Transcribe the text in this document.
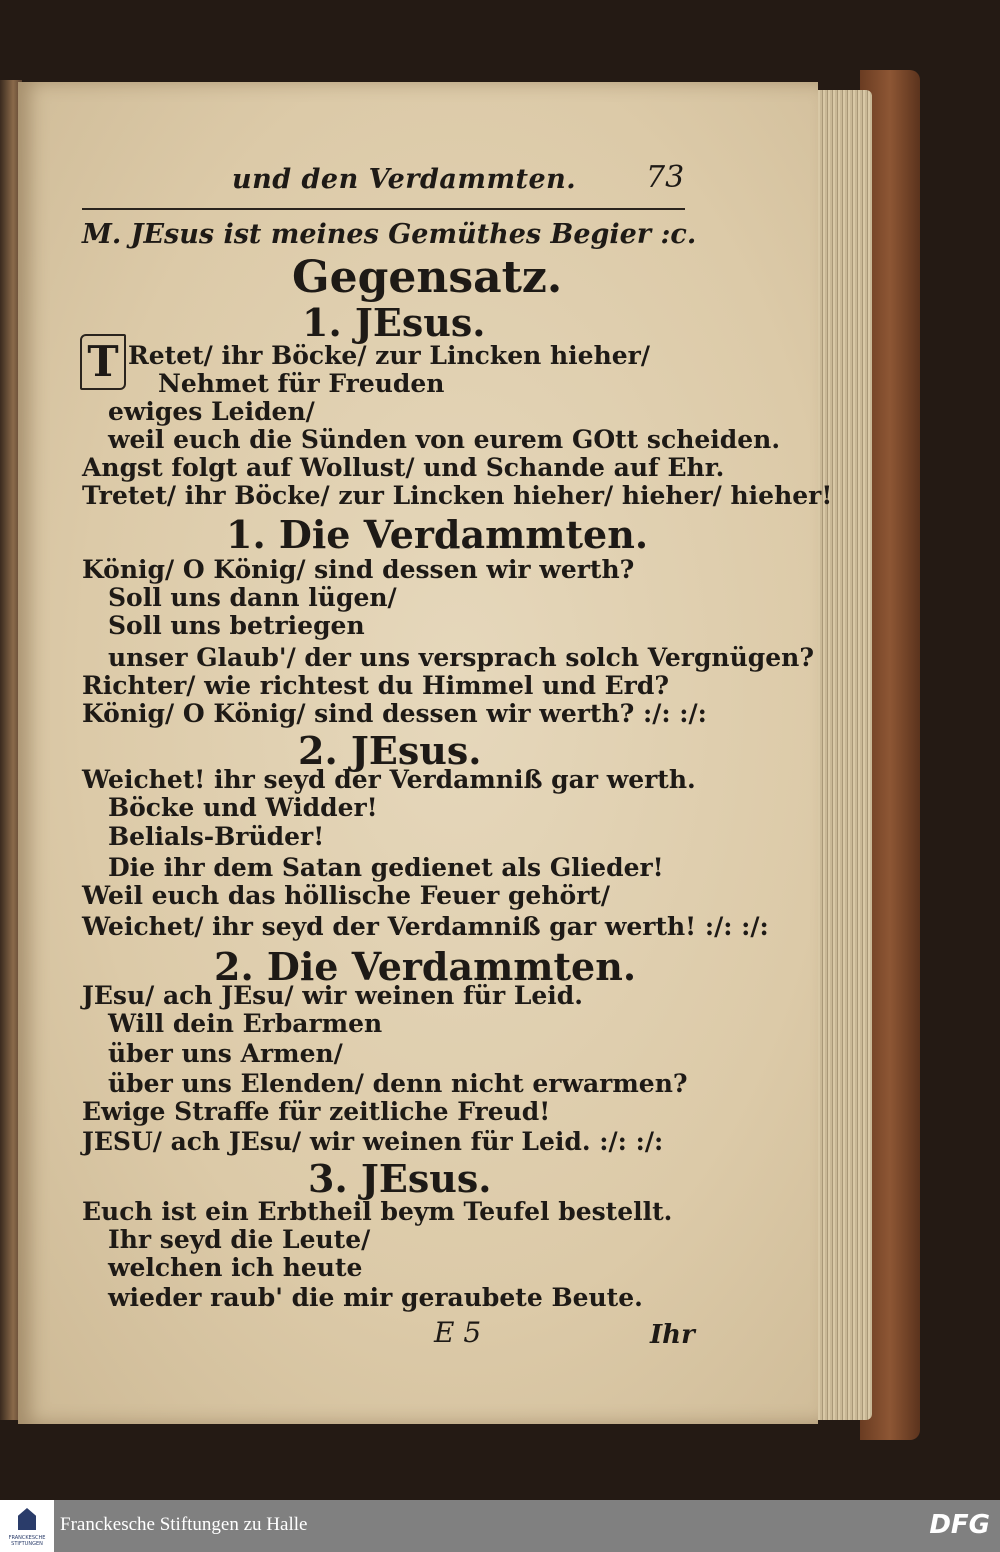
und den Verdammten. 73
M. JEsus ist meines Gemüthes Begier :c.
Gegensatz.
T
1. JEsus.
Retet/ ihr Böcke/ zur Lincken hieher/
Nehmet für Freuden
ewiges Leiden/
weil euch die Sünden von eurem GOtt scheiden.
Angst folgt auf Wollust/ und Schande auf Ehr.
Tretet/ ihr Böcke/ zur Lincken hieher/ hieher/ hieher!
1. Die Verdammten.
König/ O König/ sind dessen wir werth?
Soll uns dann lügen/
Soll uns betriegen
unser Glaub'/ der uns versprach solch Vergnügen?
Richter/ wie richtest du Himmel und Erd?
König/ O König/ sind dessen wir werth? :/: :/:
2. JEsus.
Weichet! ihr seyd der Verdamniß gar werth.
Böcke und Widder!
Belials-Brüder!
Die ihr dem Satan gedienet als Glieder!
Weil euch das höllische Feuer gehört/
Weichet/ ihr seyd der Verdamniß gar werth! :/: :/:
2. Die Verdammten.
JEsu/ ach JEsu/ wir weinen für Leid.
Will dein Erbarmen
über uns Armen/
über uns Elenden/ denn nicht erwarmen?
Ewige Straffe für zeitliche Freud!
JESU/ ach JEsu/ wir weinen für Leid. :/: :/:
3. JEsus.
Euch ist ein Erbtheil beym Teufel bestellt.
Ihr seyd die Leute/
welchen ich heute
wieder raub' die mir geraubete Beute.
E 5	Ihr
FRANCKESCHE STIFTUNGEN
Franckesche Stiftungen zu Halle	DFG
